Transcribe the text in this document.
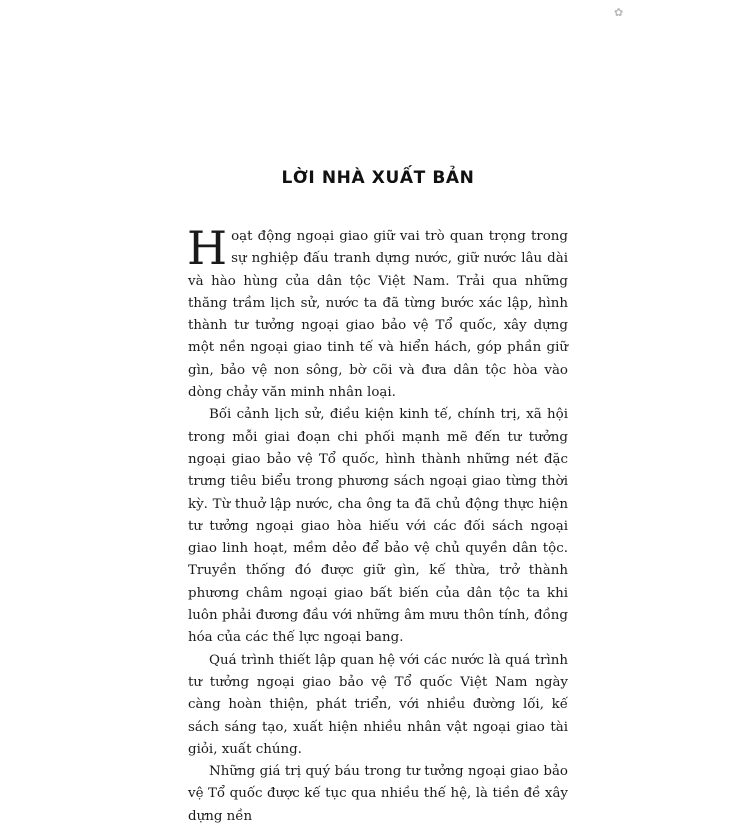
✿
LỜI NHÀ XUẤT BẢN

Hoạt động ngoại giao giữ vai trò quan trọng trong sự nghiệp đấu tranh dựng nước, giữ nước lâu dài và hào hùng của dân tộc Việt Nam. Trải qua những thăng trầm lịch sử, nước ta đã từng bước xác lập, hình thành tư tưởng ngoại giao bảo vệ Tổ quốc, xây dựng một nền ngoại giao tinh tế và hiển hách, góp phần giữ gìn, bảo vệ non sông, bờ cõi và đưa dân tộc hòa vào dòng chảy văn minh nhân loại.

Bối cảnh lịch sử, điều kiện kinh tế, chính trị, xã hội trong mỗi giai đoạn chi phối mạnh mẽ đến tư tưởng ngoại giao bảo vệ Tổ quốc, hình thành những nét đặc trưng tiêu biểu trong phương sách ngoại giao từng thời kỳ. Từ thuở lập nước, cha ông ta đã chủ động thực hiện tư tưởng ngoại giao hòa hiếu với các đối sách ngoại giao linh hoạt, mềm dẻo để bảo vệ chủ quyền dân tộc. Truyền thống đó được giữ gìn, kế thừa, trở thành phương châm ngoại giao bất biến của dân tộc ta khi luôn phải đương đầu với những âm mưu thôn tính, đồng hóa của các thế lực ngoại bang.

Quá trình thiết lập quan hệ với các nước là quá trình tư tưởng ngoại giao bảo vệ Tổ quốc Việt Nam ngày càng hoàn thiện, phát triển, với nhiều đường lối, kế sách sáng tạo, xuất hiện nhiều nhân vật ngoại giao tài giỏi, xuất chúng.

Những giá trị quý báu trong tư tưởng ngoại giao bảo vệ Tổ quốc được kế tục qua nhiều thế hệ, là tiền đề xây dựng nền
